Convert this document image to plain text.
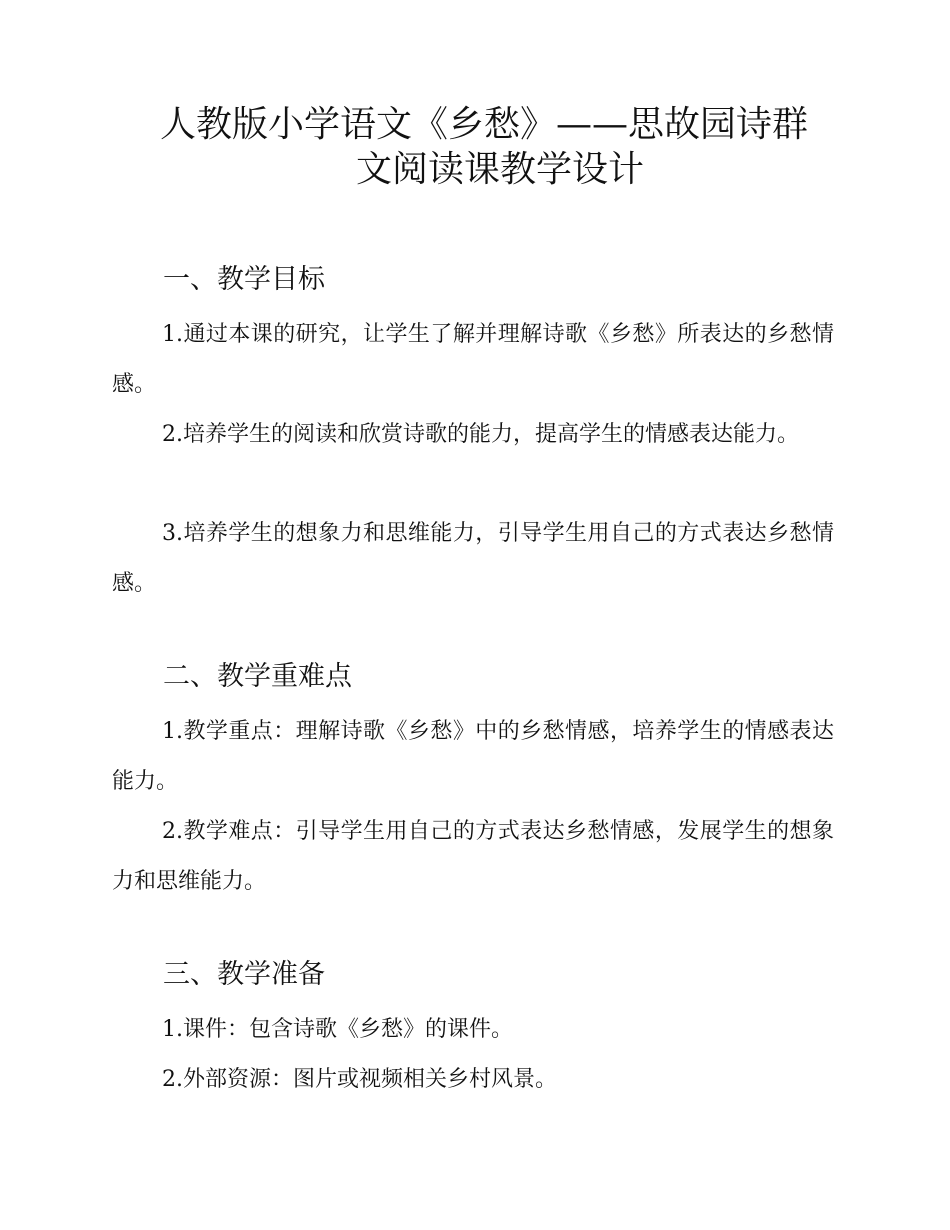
人教版小学语文《乡愁》——思故园诗群
文阅读课教学设计
一、教学目标

1.通过本课的研究，让学生了解并理解诗歌《乡愁》所表达的乡愁情感。

2.培养学生的阅读和欣赏诗歌的能力，提高学生的情感表达能力。

3.培养学生的想象力和思维能力，引导学生用自己的方式表达乡愁情感。

二、教学重难点

1.教学重点：理解诗歌《乡愁》中的乡愁情感，培养学生的情感表达能力。

2.教学难点：引导学生用自己的方式表达乡愁情感，发展学生的想象力和思维能力。

三、教学准备

1.课件：包含诗歌《乡愁》的课件。

2.外部资源：图片或视频相关乡村风景。
